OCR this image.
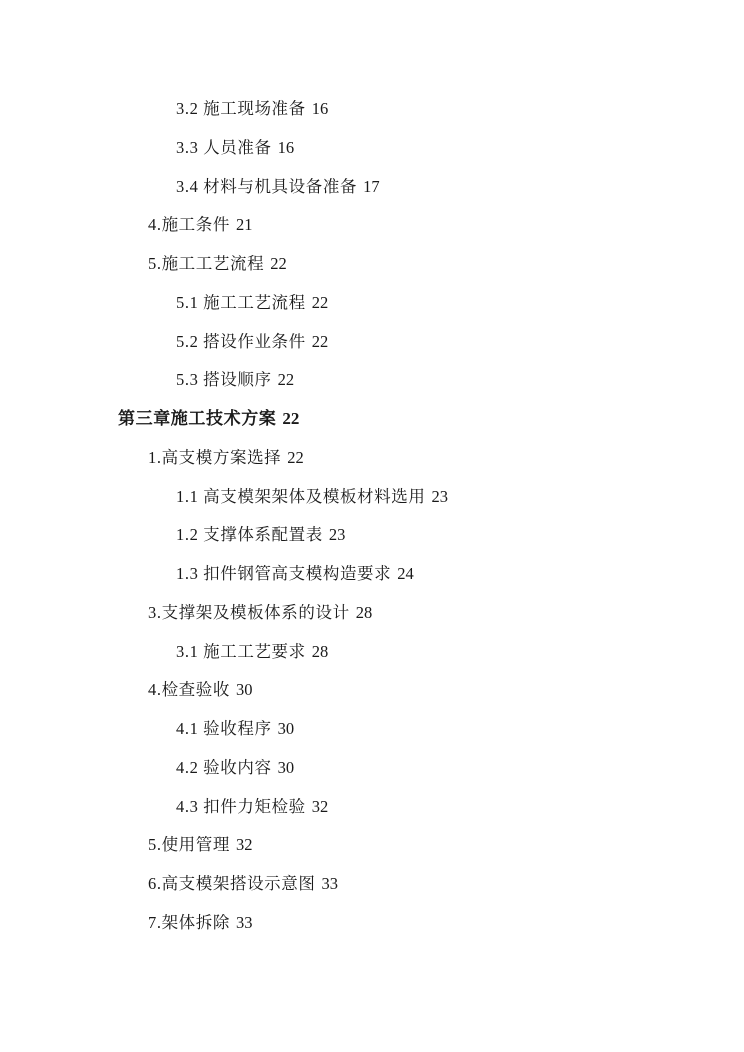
3.2 施工现场准备 16
3.3 人员准备 16
3.4 材料与机具设备准备 17
4.施工条件 21
5.施工工艺流程 22
5.1 施工工艺流程 22
5.2 搭设作业条件 22
5.3 搭设顺序 22
第三章施工技术方案 22
1.高支模方案选择 22
1.1 高支模架架体及模板材料选用 23
1.2 支撑体系配置表 23
1.3 扣件钢管高支模构造要求 24
3.支撑架及模板体系的设计 28
3.1 施工工艺要求 28
4.检查验收 30
4.1 验收程序 30
4.2 验收内容 30
4.3 扣件力矩检验 32
5.使用管理 32
6.高支模架搭设示意图 33
7.架体拆除 33
